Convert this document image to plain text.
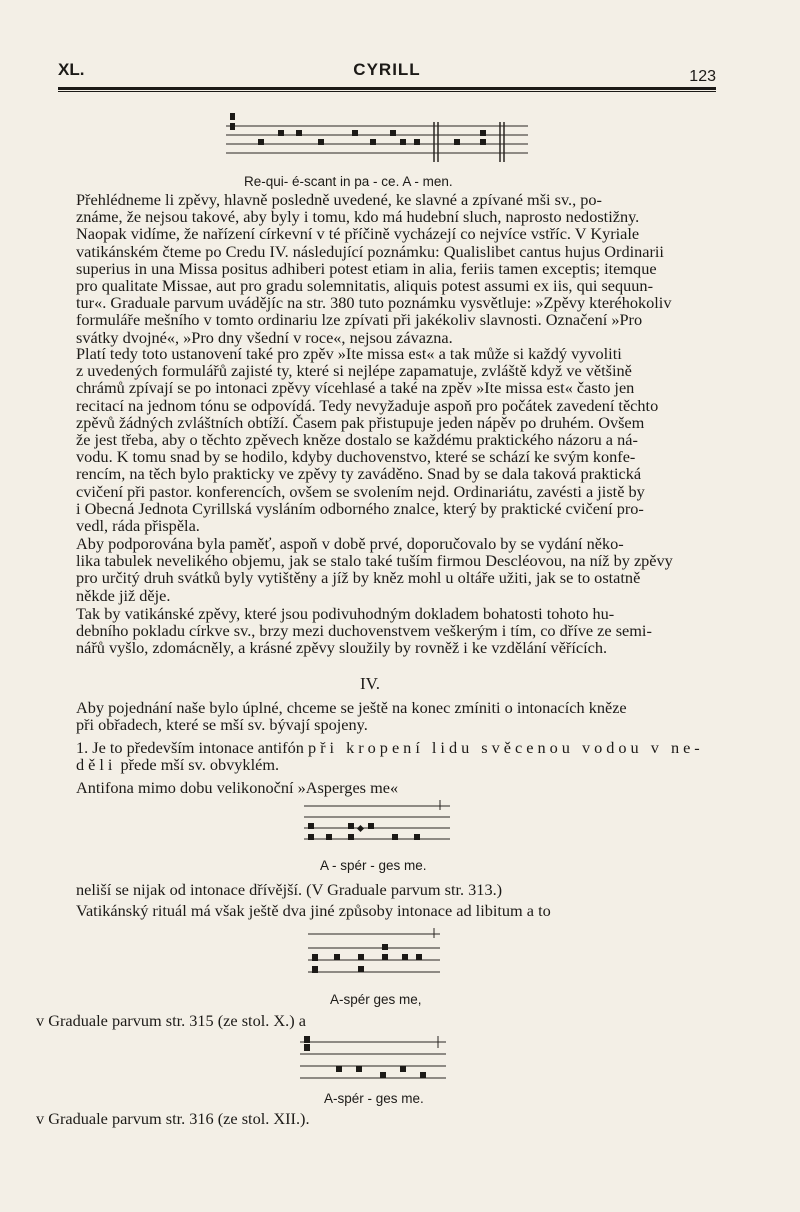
XL.	CYRILL	123
Re-qui- é-scant in pa - ce. A - men.

Přehlédneme li zpěvy, hlavně posledně uvedené, ke slavné a zpívané mši sv., po-

známe, že nejsou takové, aby byly i tomu, kdo má hudební sluch, naprosto nedostižny.

Naopak vidíme, že nařízení církevní v té příčině vycházejí co nejvíce vstříc. V Kyriale

vatikánském čteme po Credu IV. následující poznámku: Qualislibet cantus hujus Ordinarii

superius in una Missa positus adhiberi potest etiam in alia, feriis tamen exceptis; itemque

pro qualitate Missae, aut pro gradu solemnitatis, aliquis potest assumi ex iis, qui sequun-

tur«. Graduale parvum uvádějíc na str. 380 tuto poznámku vysvětluje: »Zpěvy kteréhokoliv

formuláře mešního v tomto ordinariu lze zpívati při jakékoliv slavnosti. Označení »Pro

svátky dvojné«, »Pro dny všední v roce«, nejsou závazna.

Platí tedy toto ustanovení také pro zpěv »Ite missa est« a tak může si každý vyvoliti

z uvedených formulářů zajisté ty, které si nejlépe zapamatuje, zvláště když ve většině

chrámů zpívají se po intonaci zpěvy vícehlasé a také na zpěv »Ite missa est« často jen

recitací na jednom tónu se odpovídá. Tedy nevyžaduje aspoň pro počátek zavedení těchto

zpěvů žádných zvláštních obtíží. Časem pak přistupuje jeden nápěv po druhém. Ovšem

že jest třeba, aby o těchto zpěvech kněze dostalo se každému praktického názoru a ná-

vodu. K tomu snad by se hodilo, kdyby duchovenstvo, které se schází ke svým konfe-

rencím, na těch bylo prakticky ve zpěvy ty zaváděno. Snad by se dala taková praktická

cvičení při pastor. konferencích, ovšem se svolením nejd. Ordinariátu, zavésti a jistě by

i Obecná Jednota Cyrillská vysláním odborného znalce, který by praktické cvičení pro-

vedl, ráda přispěla.

Aby podporována byla paměť, aspoň v době prvé, doporučovalo by se vydání něko-

lika tabulek nevelikého objemu, jak se stalo také tuším firmou Descléovou, na níž by zpěvy

pro určitý druh svátků byly vytištěny a jíž by kněz mohl u oltáře užiti, jak se to ostatně

někde již děje.

Tak by vatikánské zpěvy, které jsou podivuhodným dokladem bohatosti tohoto hu-

debního pokladu církve sv., brzy mezi duchovenstvem veškerým i tím, co dříve ze semi-

nářů vyšlo, zdomácněly, a krásné zpěvy sloužily by rovněž i ke vzdělání věřících.

IV.

Aby pojednání naše bylo úplné, chceme se ještě na konec zmíniti o intonacích kněze

při obřadech, které se mší sv. bývají spojeny.

1. Je to především intonace antifón při kropení lidu svěcenou vodou v ne-

děli přede mší sv. obvyklém.

Antifona mimo dobu velikonoční »Asperges me«

A - spér - ges me.

neliší se nijak od intonace dřívější. (V Graduale parvum str. 313.)

Vatikánský rituál má však ještě dva jiné způsoby intonace ad libitum a to

A-spér ges me,

v Graduale parvum str. 315 (ze stol. X.) a

A-spér - ges me.

v Graduale parvum str. 316 (ze stol. XII.).
